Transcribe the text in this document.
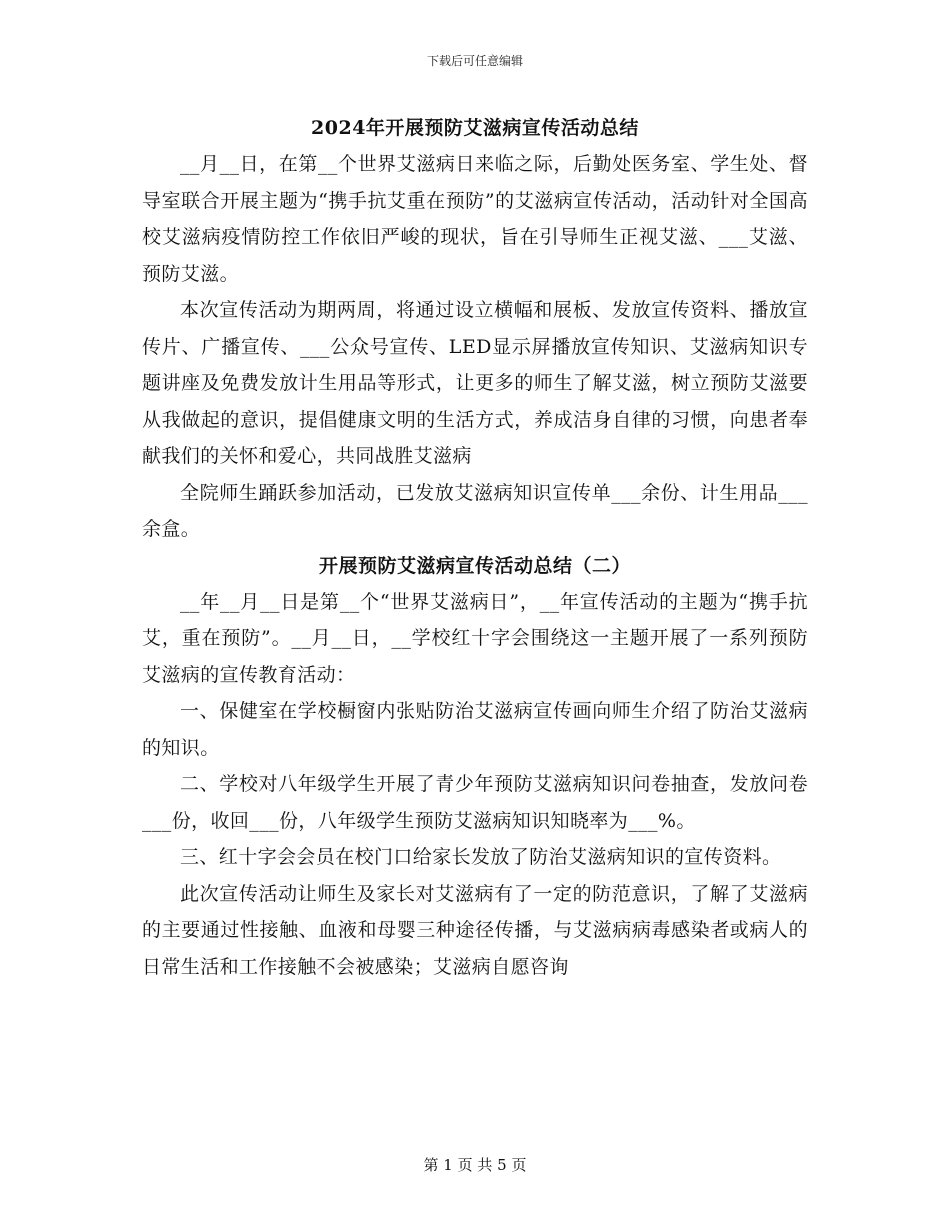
下载后可任意编辑
2024年开展预防艾滋病宣传活动总结

__月__日，在第__个世界艾滋病日来临之际，后勤处医务室、学生处、督导室联合开展主题为“携手抗艾重在预防”的艾滋病宣传活动，活动针对全国高校艾滋病疫情防控工作依旧严峻的现状，旨在引导师生正视艾滋、___艾滋、预防艾滋。

本次宣传活动为期两周，将通过设立横幅和展板、发放宣传资料、播放宣传片、广播宣传、___公众号宣传、LED显示屏播放宣传知识、艾滋病知识专题讲座及免费发放计生用品等形式，让更多的师生了解艾滋，树立预防艾滋要从我做起的意识，提倡健康文明的生活方式，养成洁身自律的习惯，向患者奉献我们的关怀和爱心，共同战胜艾滋病

全院师生踊跃参加活动，已发放艾滋病知识宣传单___余份、计生用品___余盒。

开展预防艾滋病宣传活动总结（二）

__年__月__日是第__个“世界艾滋病日”，__年宣传活动的主题为“携手抗艾，重在预防”。__月__日，__学校红十字会围绕这一主题开展了一系列预防艾滋病的宣传教育活动：

一、保健室在学校橱窗内张贴防治艾滋病宣传画向师生介绍了防治艾滋病的知识。

二、学校对八年级学生开展了青少年预防艾滋病知识问卷抽查，发放问卷___份，收回___份，八年级学生预防艾滋病知识知晓率为___%。

三、红十字会会员在校门口给家长发放了防治艾滋病知识的宣传资料。

此次宣传活动让师生及家长对艾滋病有了一定的防范意识，了解了艾滋病的主要通过性接触、血液和母婴三种途径传播，与艾滋病病毒感染者或病人的日常生活和工作接触不会被感染；艾滋病自愿咨询

第 1 页 共 5 页
